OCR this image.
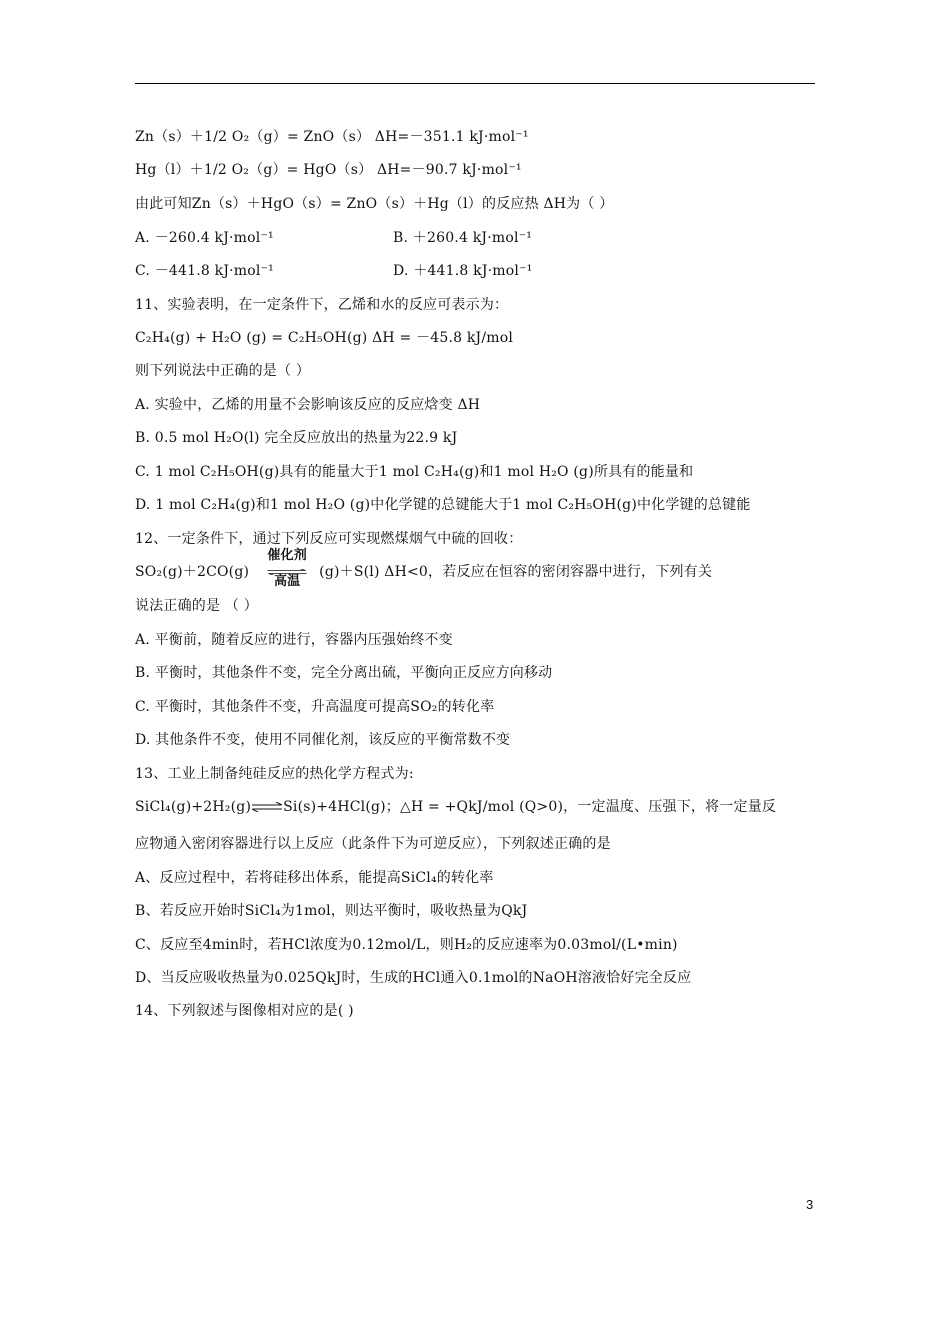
Zn（s）＋1/2 O₂（g）= ZnO（s） ΔH=－351.1 kJ·mol⁻¹
Hg（l）＋1/2 O₂（g）= HgO（s） ΔH=－90.7 kJ·mol⁻¹
由此可知Zn（s）＋HgO（s）= ZnO（s）＋Hg（l）的反应热 ΔH为（ ）
A. －260.4 kJ·mol⁻¹	B. ＋260.4 kJ·mol⁻¹
C. －441.8 kJ·mol⁻¹	D. ＋441.8 kJ·mol⁻¹
11、实验表明，在一定条件下，乙烯和水的反应可表示为：
C₂H₄(g) + H₂O (g) = C₂H₅OH(g) ΔH = －45.8 kJ/mol
则下列说法中正确的是（ ）
A. 实验中，乙烯的用量不会影响该反应的反应焓变 ΔH
B. 0.5 mol H₂O(l) 完全反应放出的热量为22.9 kJ
C. 1 mol C₂H₅OH(g)具有的能量大于1 mol C₂H₄(g)和1 mol H₂O (g)所具有的能量和
D. 1 mol C₂H₄(g)和1 mol H₂O (g)中化学键的总键能大于1 mol C₂H₅OH(g)中化学键的总键能
12、一定条件下，通过下列反应可实现燃煤烟气中硫的回收：
SO₂(g)＋2CO(g)
催化剂
高温
(g)＋S(l) ΔH<0，若反应在恒容的密闭容器中进行，下列有关
说法正确的是 （ ）
A. 平衡前，随着反应的进行，容器内压强始终不变
B. 平衡时，其他条件不变，完全分离出硫，平衡向正反应方向移动
C. 平衡时，其他条件不变，升高温度可提高SO₂的转化率
D. 其他条件不变，使用不同催化剂，该反应的平衡常数不变
13、工业上制备纯硅反应的热化学方程式为:
SiCl₄(g)+2H₂(g)⇌Si(s)+4HCl(g)；△H = +QkJ/mol (Q>0)，一定温度、压强下，将一定量反
应物通入密闭容器进行以上反应（此条件下为可逆反应），下列叙述正确的是
A、反应过程中，若将硅移出体系，能提高SiCl₄的转化率
B、若反应开始时SiCl₄为1mol，则达平衡时，吸收热量为QkJ
C、反应至4min时，若HCl浓度为0.12mol/L，则H₂的反应速率为0.03mol/(L•min)
D、当反应吸收热量为0.025QkJ时，生成的HCl通入0.1mol的NaOH溶液恰好完全反应
14、下列叙述与图像相对应的是( )
3
